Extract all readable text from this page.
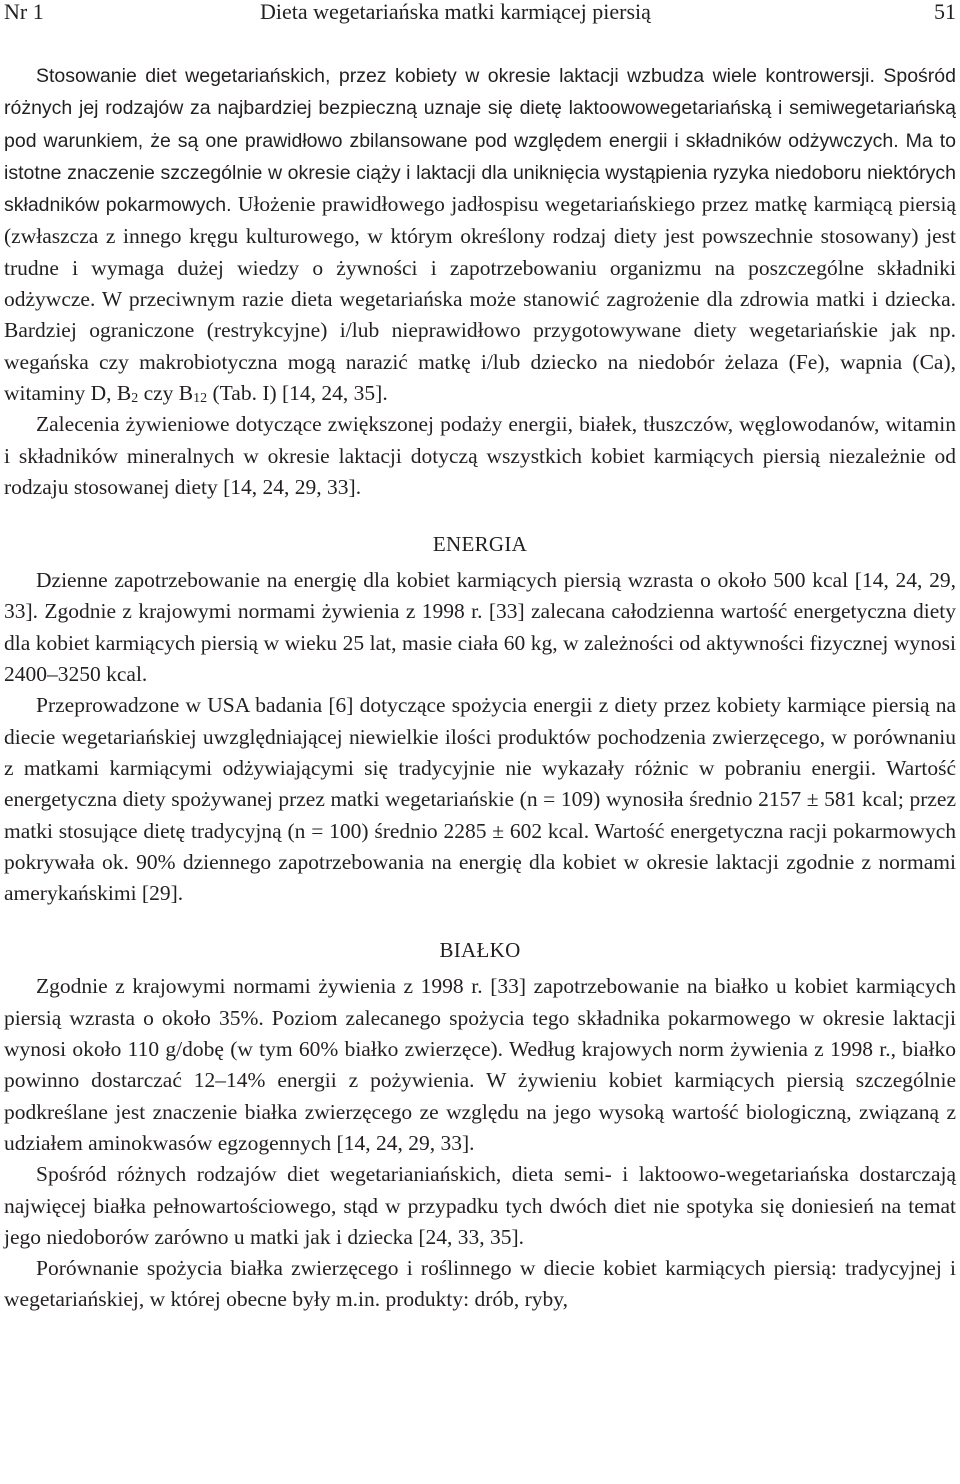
Nr 1	Dieta wegetariańska matki karmiącej piersią	51

Stosowanie diet wegetariańskich, przez kobiety w okresie laktacji wzbudza wiele kontrowersji. Spośród różnych jej rodzajów za najbardziej bezpieczną uznaje się dietę laktoowowegetariańską i semiwegetariańską pod warunkiem, że są one prawidłowo zbilansowane pod względem energii i składników odżywczych. Ma to istotne znaczenie szczególnie w okresie ciąży i laktacji dla uniknięcia wystąpienia ryzyka niedoboru niektórych składników pokarmowych. Ułożenie prawidłowego jadłospisu wegetariańskiego przez matkę karmiącą piersią (zwłaszcza z innego kręgu kulturowego, w którym określony rodzaj diety jest powszechnie stosowany) jest trudne i wymaga dużej wiedzy o żywności i zapotrzebowaniu organizmu na poszczególne składniki odżywcze. W przeciwnym razie dieta wegetariańska może stanowić zagrożenie dla zdrowia matki i dziecka. Bardziej ograniczone (restrykcyjne) i/lub nieprawidłowo przygotowywane diety wegetariańskie jak np. wegańska czy makrobiotyczna mogą narazić matkę i/lub dziecko na niedobór żelaza (Fe), wapnia (Ca), witaminy D, $B_2$ czy $B_{12}$ (Tab. I) [14, 24, 35].

Zalecenia żywieniowe dotyczące zwiększonej podaży energii, białek, tłuszczów, węglowodanów, witamin i składników mineralnych w okresie laktacji dotyczą wszystkich kobiet karmiących piersią niezależnie od rodzaju stosowanej diety [14, 24, 29, 33].

ENERGIA

Dzienne zapotrzebowanie na energię dla kobiet karmiących piersią wzrasta o około 500 kcal [14, 24, 29, 33]. Zgodnie z krajowymi normami żywienia z 1998 r. [33] zalecana całodzienna wartość energetyczna diety dla kobiet karmiących piersią w wieku 25 lat, masie ciała 60 kg, w zależności od aktywności fizycznej wynosi 2400–3250 kcal.

Przeprowadzone w USA badania [6] dotyczące spożycia energii z diety przez kobiety karmiące piersią na diecie wegetariańskiej uwzględniającej niewielkie ilości produktów pochodzenia zwierzęcego, w porównaniu z matkami karmiącymi odżywiającymi się tradycyjnie nie wykazały różnic w pobraniu energii. Wartość energetyczna diety spożywanej przez matki wegetariańskie (n = 109) wynosiła średnio 2157 ± 581 kcal; przez matki stosujące dietę tradycyjną (n = 100) średnio 2285 ± 602 kcal. Wartość energetyczna racji pokarmowych pokrywała ok. 90% dziennego zapotrzebowania na energię dla kobiet w okresie laktacji zgodnie z normami amerykańskimi [29].

BIAŁKO

Zgodnie z krajowymi normami żywienia z 1998 r. [33] zapotrzebowanie na białko u kobiet karmiących piersią wzrasta o około 35%. Poziom zalecanego spożycia tego składnika pokarmowego w okresie laktacji wynosi około 110 g/dobę (w tym 60% białko zwierzęce). Według krajowych norm żywienia z 1998 r., białko powinno dostarczać 12–14% energii z pożywienia. W żywieniu kobiet karmiących piersią szczególnie podkreślane jest znaczenie białka zwierzęcego ze względu na jego wysoką wartość biologiczną, związaną z udziałem aminokwasów egzogennych [14, 24, 29, 33].

Spośród różnych rodzajów diet wegetarianiańskich, dieta semi- i laktoowo-wegetariańska dostarczają najwięcej białka pełnowartościowego, stąd w przypadku tych dwóch diet nie spotyka się doniesień na temat jego niedoborów zarówno u matki jak i dziecka [24, 33, 35].

Porównanie spożycia białka zwierzęcego i roślinnego w diecie kobiet karmiących piersią: tradycyjnej i wegetariańskiej, w której obecne były m.in. produkty: drób, ryby,
